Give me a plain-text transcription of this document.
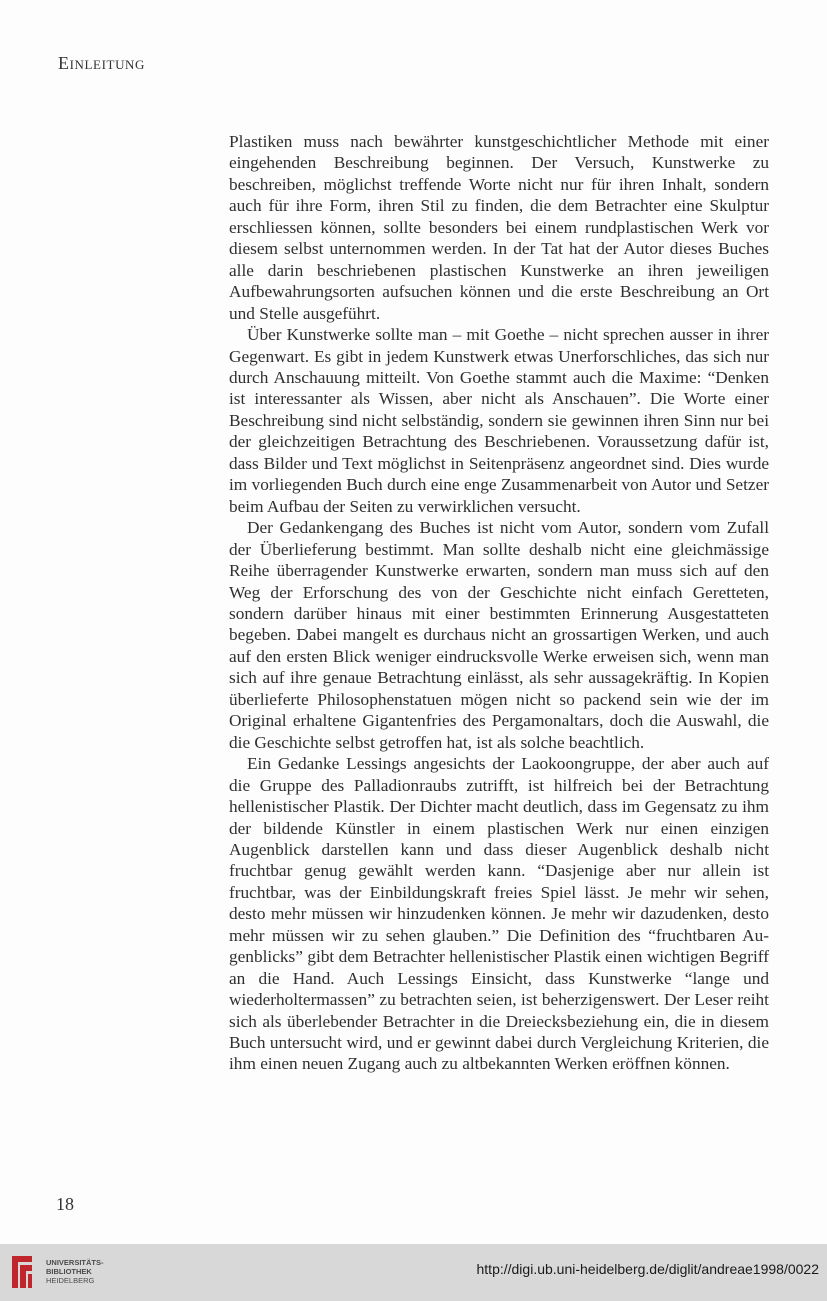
Einleitung

Plastiken muss nach bewährter kunstgeschichtlicher Methode mit einer eingehenden Beschreibung beginnen. Der Versuch, Kunstwerke zu beschreiben, möglichst treffende Worte nicht nur für ihren Inhalt, sondern auch für ihre Form, ihren Stil zu finden, die dem Betrachter eine Skulptur erschliessen können, sollte besonders bei einem rundplastischen Werk vor diesem selbst unternommen werden. In der Tat hat der Autor dieses Buches alle darin beschriebenen plastischen Kunstwerke an ihren jeweiligen Aufbewahrungsorten aufsuchen können und die erste Beschreibung an Ort und Stelle ausgeführt.

Über Kunstwerke sollte man – mit Goethe – nicht sprechen ausser in ihrer Gegenwart. Es gibt in jedem Kunstwerk etwas Unerforschliches, das sich nur durch Anschauung mitteilt. Von Goethe stammt auch die Maxime: “Denken ist interessanter als Wissen, aber nicht als Anschauen”. Die Worte einer Beschreibung sind nicht selbständig, sondern sie gewinnen ihren Sinn nur bei der gleichzeitigen Betrachtung des Beschriebenen. Voraussetzung dafür ist, dass Bilder und Text möglichst in Seitenpräsenz angeordnet sind. Dies wurde im vorliegenden Buch durch eine enge Zusammenarbeit von Autor und Setzer beim Aufbau der Seiten zu verwirklichen versucht.

Der Gedankengang des Buches ist nicht vom Autor, sondern vom Zufall der Überlieferung bestimmt. Man sollte deshalb nicht eine gleichmässige Reihe überragender Kunstwerke erwarten, sondern man muss sich auf den Weg der Erforschung des von der Geschichte nicht einfach Geretteten, sondern darüber hinaus mit einer bestimmten Erinnerung Ausgestatteten begeben. Dabei mangelt es durchaus nicht an grossartigen Werken, und auch auf den ersten Blick weniger eindrucksvolle Werke erweisen sich, wenn man sich auf ihre genaue Betrachtung einlässt, als sehr aussagekräftig. In Kopien überlieferte Philosophenstatuen mögen nicht so packend sein wie der im Original erhaltene Gigantenfries des Pergamonaltars, doch die Auswahl, die die Geschichte selbst getroffen hat, ist als solche beachtlich.

Ein Gedanke Lessings angesichts der Laokoongruppe, der aber auch auf die Gruppe des Palladionraubs zutrifft, ist hilfreich bei der Betrachtung hellenistischer Plastik. Der Dichter macht deutlich, dass im Gegensatz zu ihm der bildende Künstler in einem plastischen Werk nur einen einzigen Augenblick darstellen kann und dass dieser Augenblick deshalb nicht fruchtbar genug gewählt werden kann. “Dasjenige aber nur allein ist fruchtbar, was der Einbildungskraft freies Spiel lässt. Je mehr wir sehen, desto mehr müssen wir hinzudenken können. Je mehr wir dazudenken, desto mehr müssen wir zu sehen glauben.” Die Definition des “fruchtbaren Augenblicks” gibt dem Betrachter hellenistischer Plastik einen wichtigen Begriff an die Hand. Auch Lessings Einsicht, dass Kunstwerke “lange und wiederholtermassen” zu betrachten seien, ist beherzigenswert. Der Leser reiht sich als überlebender Betrachter in die Dreiecksbeziehung ein, die in diesem Buch untersucht wird, und er gewinnt dabei durch Vergleichung Kriterien, die ihm einen neuen Zugang auch zu altbekannten Werken eröffnen können.

18
UNIVERSITÄTS-
BIBLIOTHEK
HEIDELBERG
http://digi.ub.uni-heidelberg.de/diglit/andreae1998/0022
